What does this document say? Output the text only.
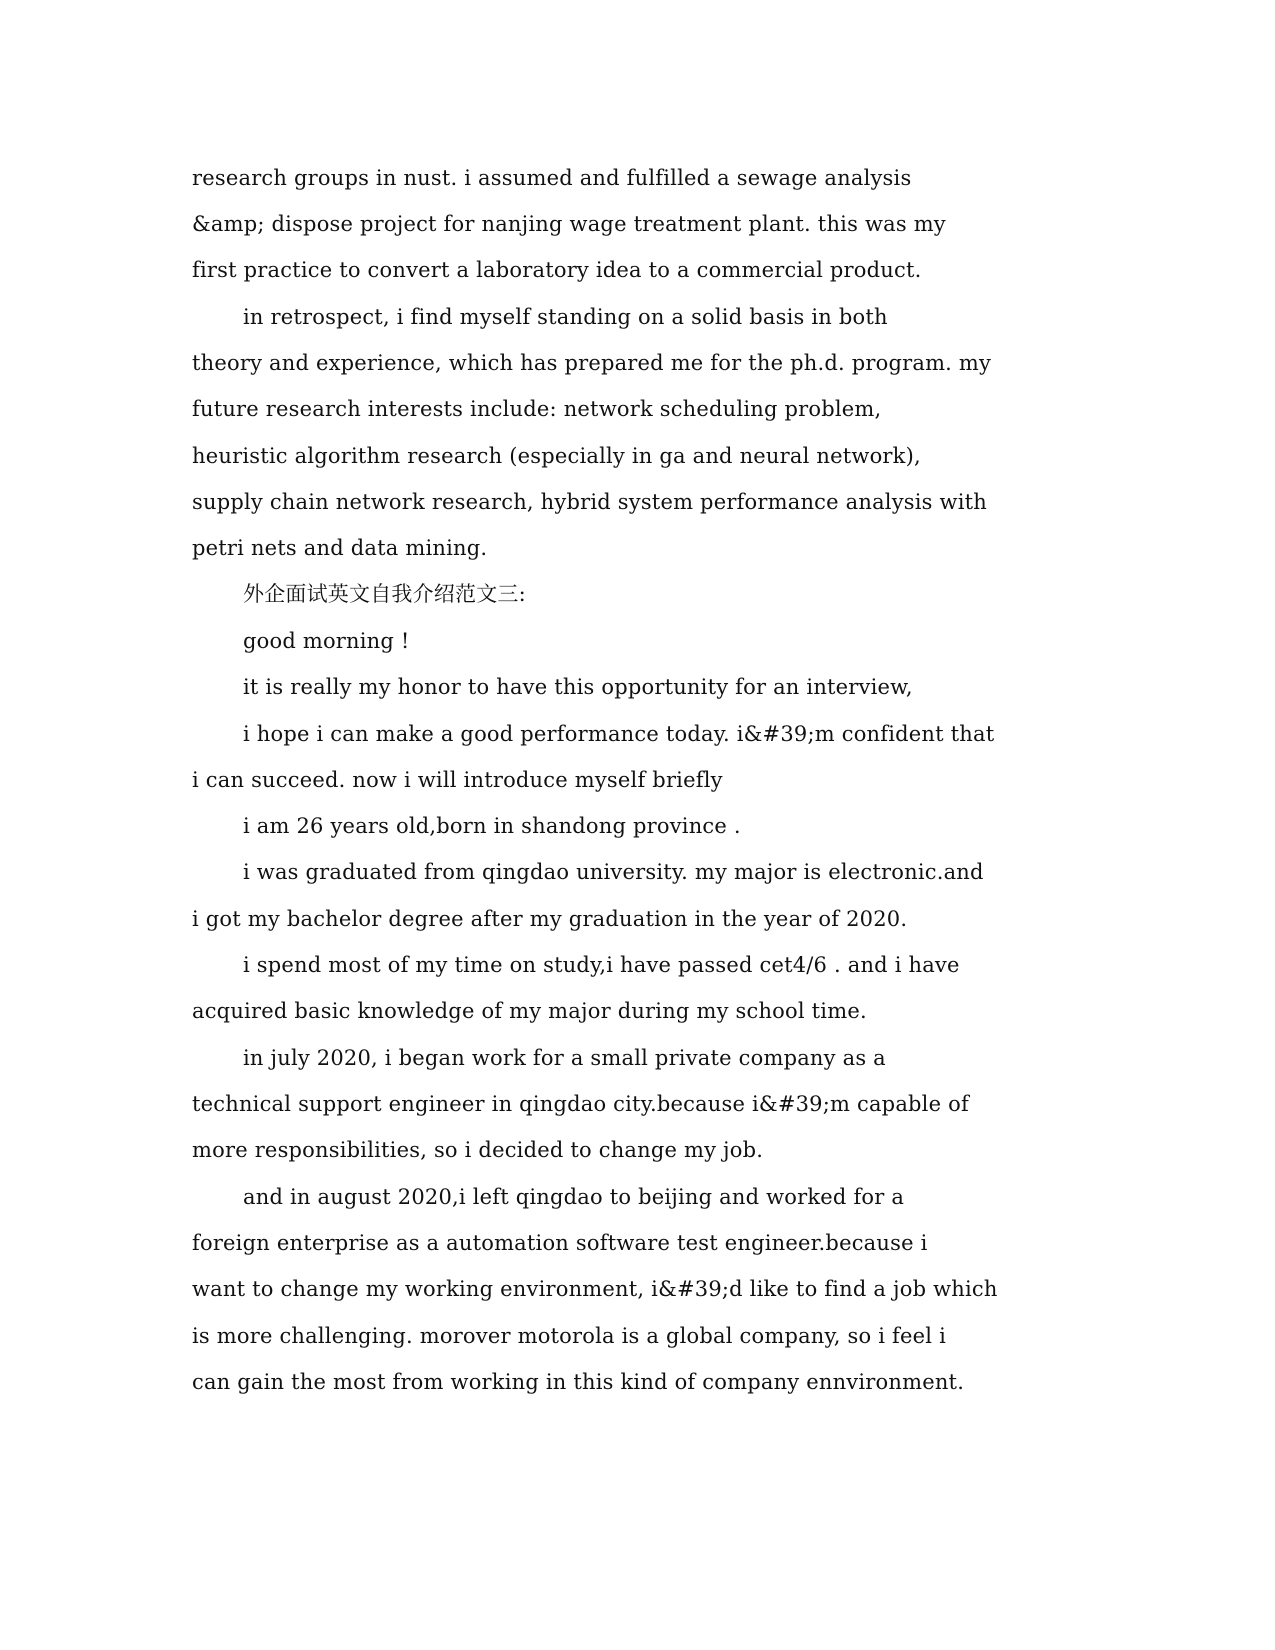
research groups in nust. i assumed and fulfilled a sewage analysis
&amp; dispose project for nanjing wage treatment plant. this was my
first practice to convert a laboratory idea to a commercial product.
in retrospect, i find myself standing on a solid basis in both
theory and experience, which has prepared me for the ph.d. program. my
future research interests include: network scheduling problem,
heuristic algorithm research (especially in ga and neural network),
supply chain network research, hybrid system performance analysis with
petri nets and data mining.
外企面试英文自我介绍范文三:
good morning !
it is really my honor to have this opportunity for an interview,
i hope i can make a good performance today. i&#39;m confident that
i can succeed. now i will introduce myself briefly
i am 26 years old,born in shandong province .
i was graduated from qingdao university. my major is electronic.and
i got my bachelor degree after my graduation in the year of 2020.
i spend most of my time on study,i have passed cet4/6 . and i have
acquired basic knowledge of my major during my school time.
in july 2020, i began work for a small private company as a
technical support engineer in qingdao city.because i&#39;m capable of
more responsibilities, so i decided to change my job.
and in august 2020,i left qingdao to beijing and worked for a
foreign enterprise as a automation software test engineer.because i
want to change my working environment, i&#39;d like to find a job which
is more challenging. morover motorola is a global company, so i feel i
can gain the most from working in this kind of company ennvironment.
